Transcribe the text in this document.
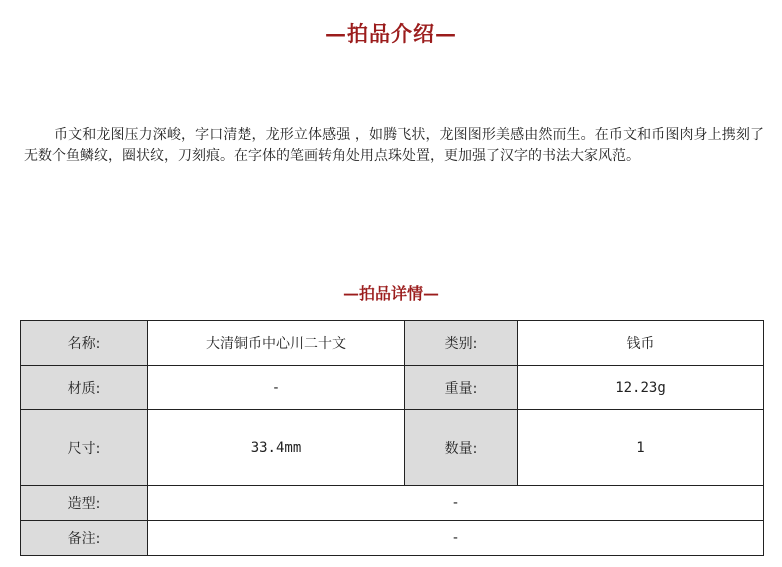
—拍品介绍—
币文和龙图压力深峻，字口清楚，龙形立体感强 ，如腾飞状，龙图图形美感由然而生。在币文和币图肉身上携刻了无数个鱼鳞纹，圈状纹，刀刻痕。在字体的笔画转角处用点珠处置，更加强了汉字的书法大家风范。
—拍品详情—
名称:	大清铜币中心川二十文	类别:	钱币
材质:	-	重量:	12.23g
尺寸:	33.4mm	数量:	1
造型:	-		
备注:	-		
